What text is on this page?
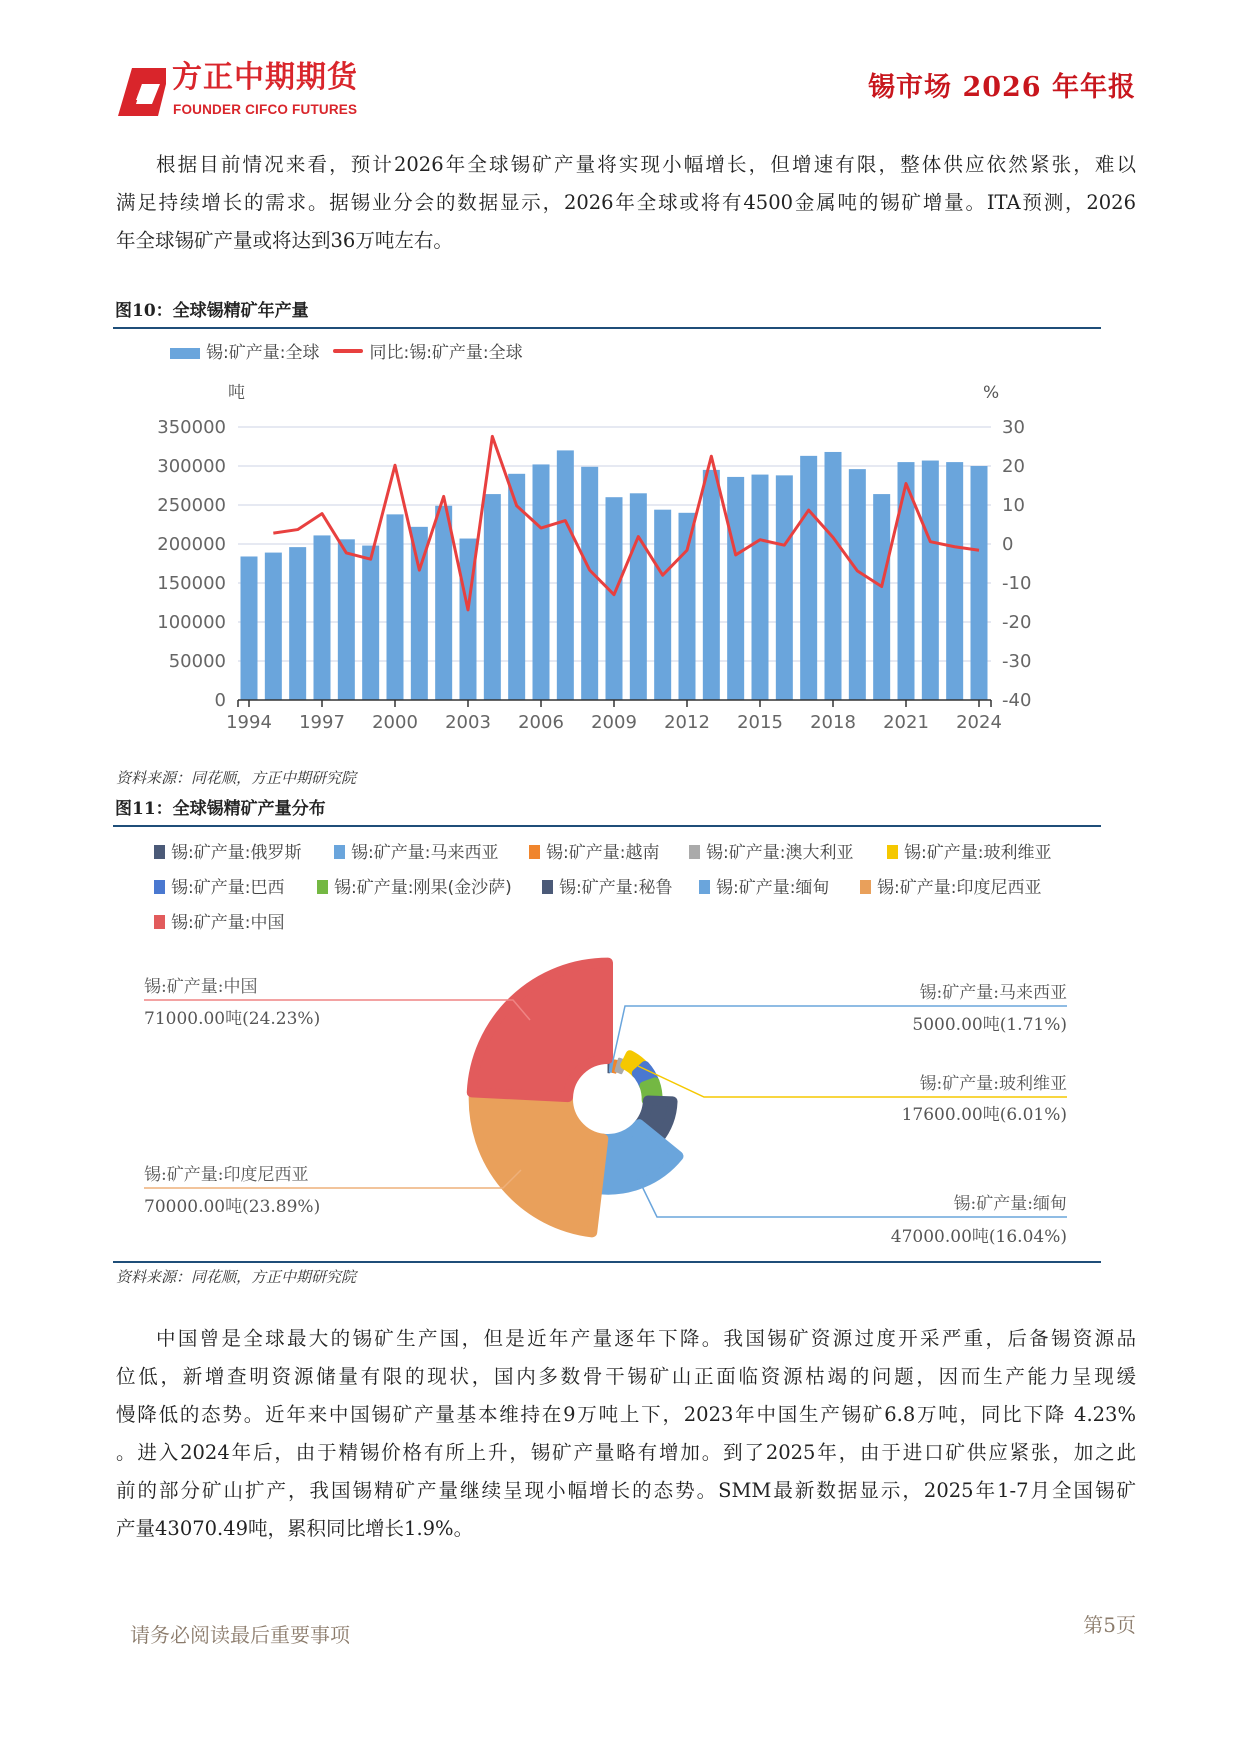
0	-40
50000	-30
100000	-20
150000	-10
200000	0
250000	10
300000	20
350000	30
1994 1997 2000 2003 2006 2009 2012 2015 2018 2021 2024
锡:矿产量:中国
71000.00吨(24.23%)
锡:矿产量:印度尼西亚
70000.00吨(23.89%)
锡:矿产量:马来西亚
5000.00吨(1.71%)
锡:矿产量:玻利维亚
17600.00吨(6.01%)
锡:矿产量:缅甸
47000.00吨(16.04%)
方正中期期货
FOUNDER CIFCO FUTURES
锡市场 2026 年年报
根据目前情况来看，预计2026年全球锡矿产量将实现小幅增长，但增速有限，整体供应依然紧张，难以
满足持续增长的需求。据锡业分会的数据显示，2026年全球或将有4500金属吨的锡矿增量。ITA预测，2026
年全球锡矿产量或将达到36万吨左右。
图10：全球锡精矿年产量
锡:矿产量:全球	同比:锡:矿产量:全球
吨	%
资料来源：同花顺，方正中期研究院
图11：全球锡精矿产量分布
锡:矿产量:俄罗斯	锡:矿产量:马来西亚	锡:矿产量:越南	锡:矿产量:澳大利亚	锡:矿产量:玻利维亚
锡:矿产量:巴西	锡:矿产量:刚果(金沙萨)	锡:矿产量:秘鲁	锡:矿产量:缅甸	锡:矿产量:印度尼西亚
锡:矿产量:中国
资料来源：同花顺，方正中期研究院
中国曾是全球最大的锡矿生产国，但是近年产量逐年下降。我国锡矿资源过度开采严重，后备锡资源品
位低，新增查明资源储量有限的现状，国内多数骨干锡矿山正面临资源枯竭的问题，因而生产能力呈现缓
慢降低的态势。近年来中国锡矿产量基本维持在9万吨上下，2023年中国生产锡矿6.8万吨，同比下降 4.23%
。进入2024年后，由于精锡价格有所上升，锡矿产量略有增加。到了2025年，由于进口矿供应紧张，加之此
前的部分矿山扩产，我国锡精矿产量继续呈现小幅增长的态势。SMM最新数据显示，2025年1-7月全国锡矿
产量43070.49吨，累积同比增长1.9%。
请务必阅读最后重要事项	第5页
